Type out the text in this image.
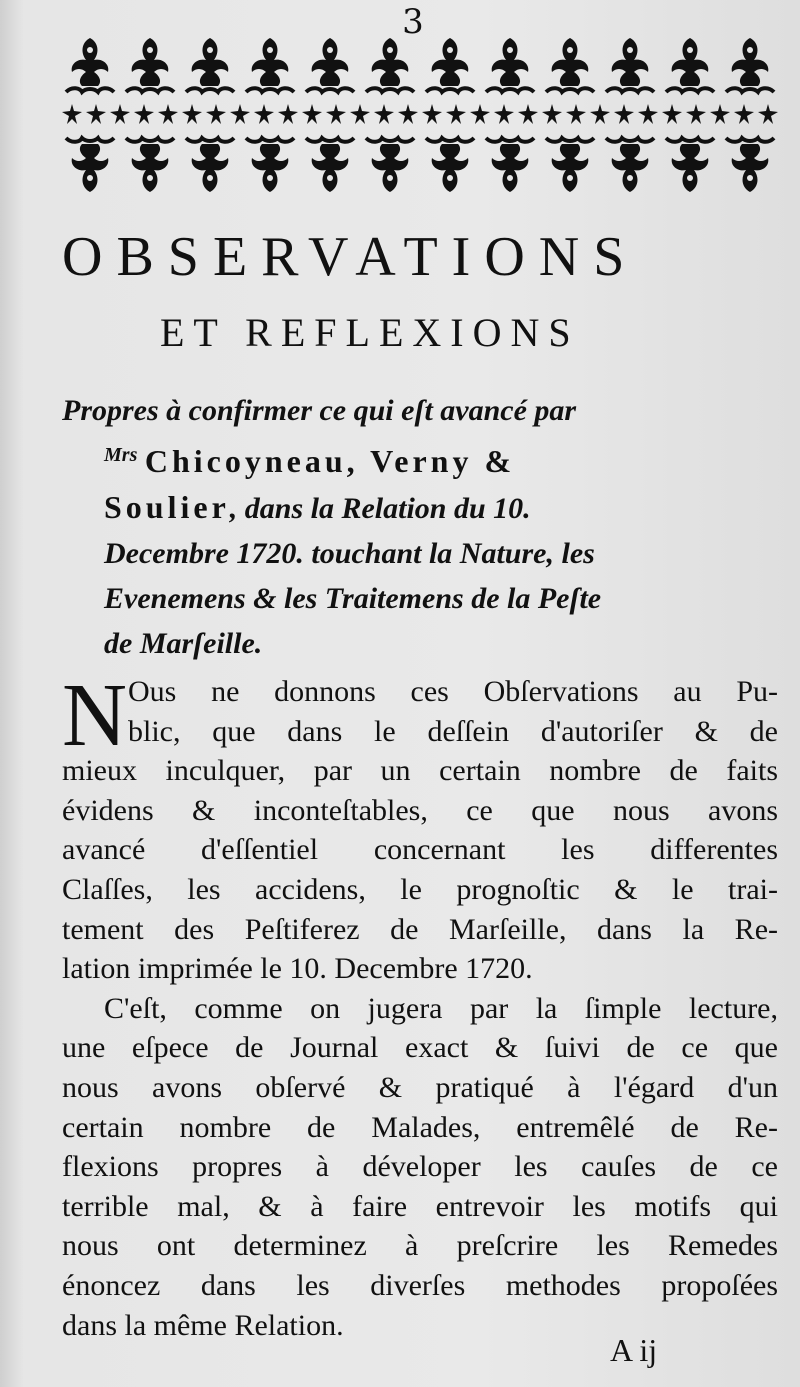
3
OBSERVATIONS
ET REFLEXIONS
Propres à confirmer ce qui eſt avancé par
$^{Mrs}$ Chicoyneau, Verny &
Soulier, dans la Relation du 10.
Decembre 1720. touchant la Nature, les
Evenemens & les Traitemens de la Peſte
de Marſeille.
N Ous ne donnons ces Obſervations au Pu-
blic, que dans le deſſein d'autoriſer & de
mieux inculquer, par un certain nombre de faits
évidens & inconteſtables, ce que nous avons
avancé d'eſſentiel concernant les differentes
Claſſes, les accidens, le prognoſtic & le trai-
tement des Peſtiferez de Marſeille, dans la Re-
lation imprimée le 10. Decembre 1720.
C'eſt, comme on jugera par la ſimple lecture,
une eſpece de Journal exact & ſuivi de ce que
nous avons obſervé & pratiqué à l'égard d'un
certain nombre de Malades, entremêlé de Re-
flexions propres à déveloper les cauſes de ce
terrible mal, & à faire entrevoir les motifs qui
nous ont determinez à preſcrire les Remedes
énoncez dans les diverſes methodes propoſées
dans la même Relation.
A ij
